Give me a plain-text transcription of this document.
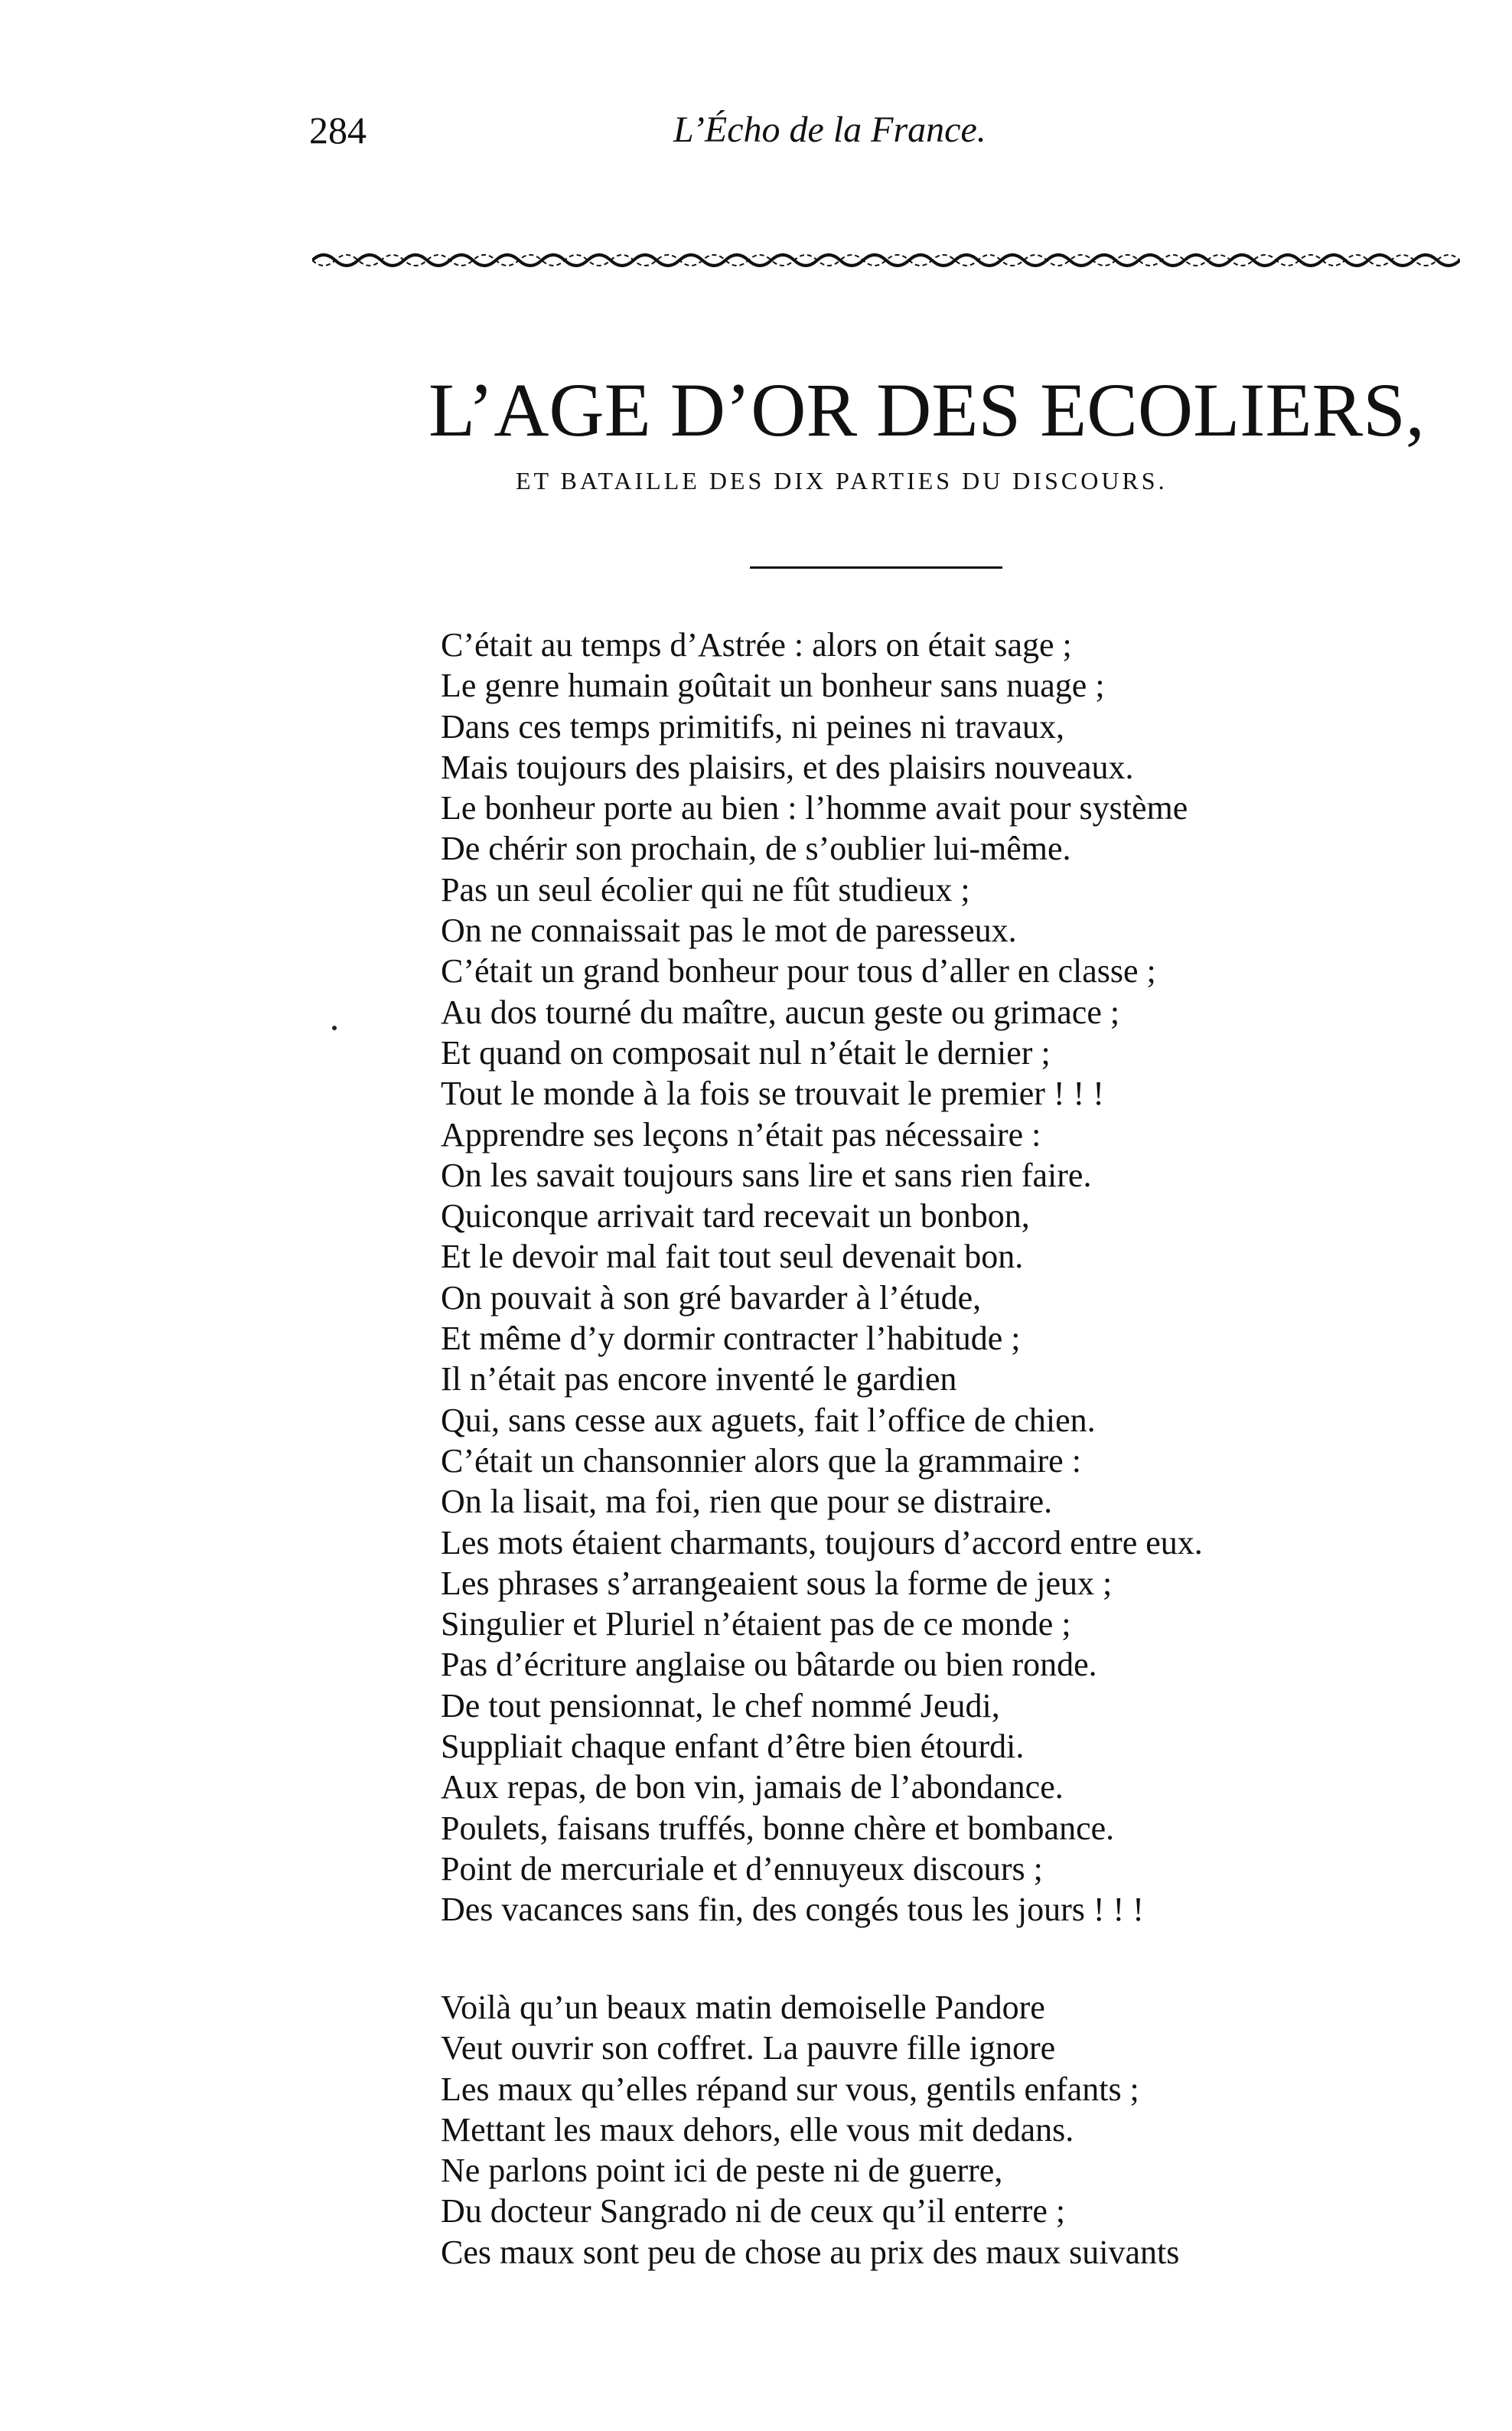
284	L’Écho de la France.
L’AGE D’OR DES ECOLIERS,
ET BATAILLE DES DIX PARTIES DU DISCOURS.
C’était au temps d’Astrée : alors on était sage ;
Le genre humain goûtait un bonheur sans nuage ;
Dans ces temps primitifs, ni peines ni travaux,
Mais toujours des plaisirs, et des plaisirs nouveaux.
Le bonheur porte au bien : l’homme avait pour système
De chérir son prochain, de s’oublier lui-même.
Pas un seul écolier qui ne fût studieux ;
On ne connaissait pas le mot de paresseux.
C’était un grand bonheur pour tous d’aller en classe ;
Au dos tourné du maître, aucun geste ou grimace ;
Et quand on composait nul n’était le dernier ;
Tout le monde à la fois se trouvait le premier ! ! !
Apprendre ses leçons n’était pas nécessaire :
On les savait toujours sans lire et sans rien faire.
Quiconque arrivait tard recevait un bonbon,
Et le devoir mal fait tout seul devenait bon.
On pouvait à son gré bavarder à l’étude,
Et même d’y dormir contracter l’habitude ;
Il n’était pas encore inventé le gardien
Qui, sans cesse aux aguets, fait l’office de chien.
C’était un chansonnier alors que la grammaire :
On la lisait, ma foi, rien que pour se distraire.
Les mots étaient charmants, toujours d’accord entre eux.
Les phrases s’arrangeaient sous la forme de jeux ;
Singulier et Pluriel n’étaient pas de ce monde ;
Pas d’écriture anglaise ou bâtarde ou bien ronde.
De tout pensionnat, le chef nommé Jeudi,
Suppliait chaque enfant d’être bien étourdi.
Aux repas, de bon vin, jamais de l’abondance.
Poulets, faisans truffés, bonne chère et bombance.
Point de mercuriale et d’ennuyeux discours ;
Des vacances sans fin, des congés tous les jours ! ! !
Voilà qu’un beaux matin demoiselle Pandore
Veut ouvrir son coffret. La pauvre fille ignore
Les maux qu’elles répand sur vous, gentils enfants ;
Mettant les maux dehors, elle vous mit dedans.
Ne parlons point ici de peste ni de guerre,
Du docteur Sangrado ni de ceux qu’il enterre ;
Ces maux sont peu de chose au prix des maux suivants
